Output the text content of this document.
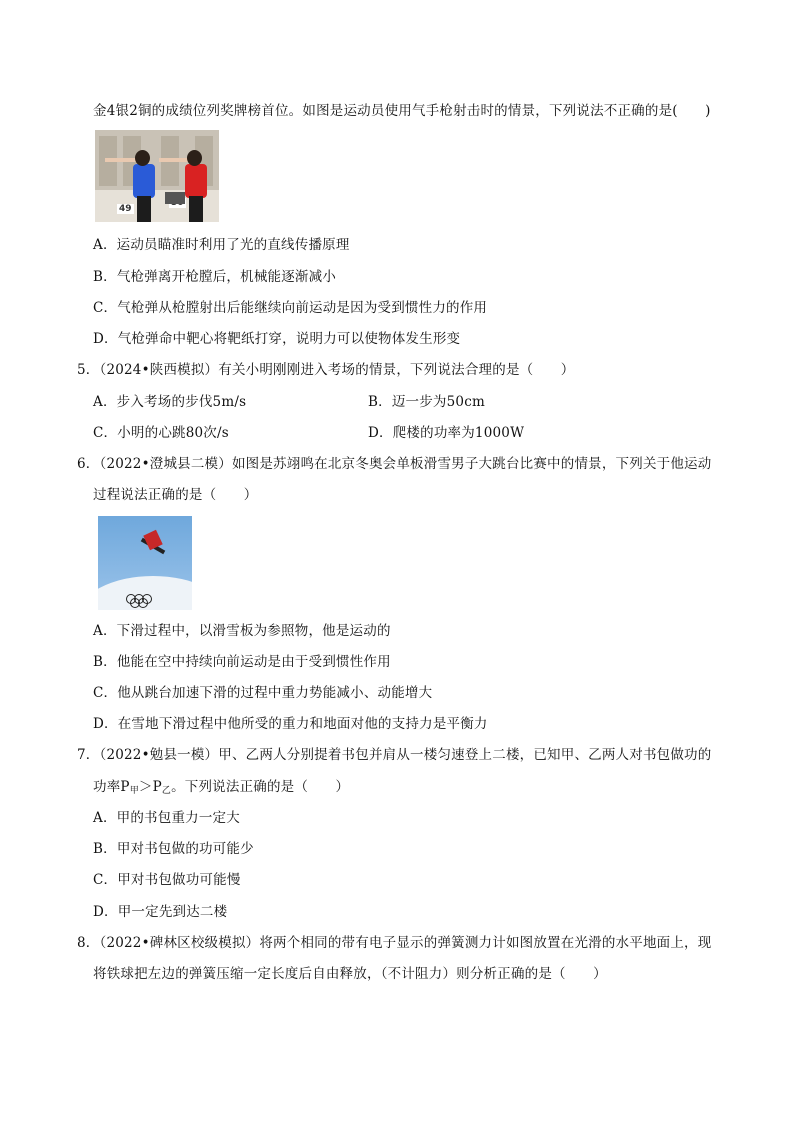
金4银2铜的成绩位列奖牌榜首位。如图是运动员使用气手枪射击时的情景，下列说法不正确的是(　　)
49
A．运动员瞄准时利用了光的直线传播原理
B．气枪弹离开枪膛后，机械能逐渐减小
C．气枪弹从枪膛射出后能继续向前运动是因为受到惯性力的作用
D．气枪弹命中靶心将靶纸打穿，说明力可以使物体发生形变
5．（2024•陕西模拟）有关小明刚刚进入考场的情景，下列说法合理的是（　　）
A．步入考场的步伐5m/s	B．迈一步为50cm
C．小明的心跳80次/s	D．爬楼的功率为1000W
6．（2022•澄城县二模）如图是苏翊鸣在北京冬奥会单板滑雪男子大跳台比赛中的情景，下列关于他运动
过程说法正确的是（　　）
A．下滑过程中，以滑雪板为参照物，他是运动的
B．他能在空中持续向前运动是由于受到惯性作用
C．他从跳台加速下滑的过程中重力势能减小、动能增大
D．在雪地下滑过程中他所受的重力和地面对他的支持力是平衡力
7．（2022•勉县一模）甲、乙两人分别提着书包并肩从一楼匀速登上二楼，已知甲、乙两人对书包做功的
功率$P_甲>P_乙$。下列说法正确的是（　　）
A．甲的书包重力一定大
B．甲对书包做的功可能少
C．甲对书包做功可能慢
D．甲一定先到达二楼
8．（2022•碑林区校级模拟）将两个相同的带有电子显示的弹簧测力计如图放置在光滑的水平地面上，现
将铁球把左边的弹簧压缩一定长度后自由释放，（不计阻力）则分析正确的是（　　）
